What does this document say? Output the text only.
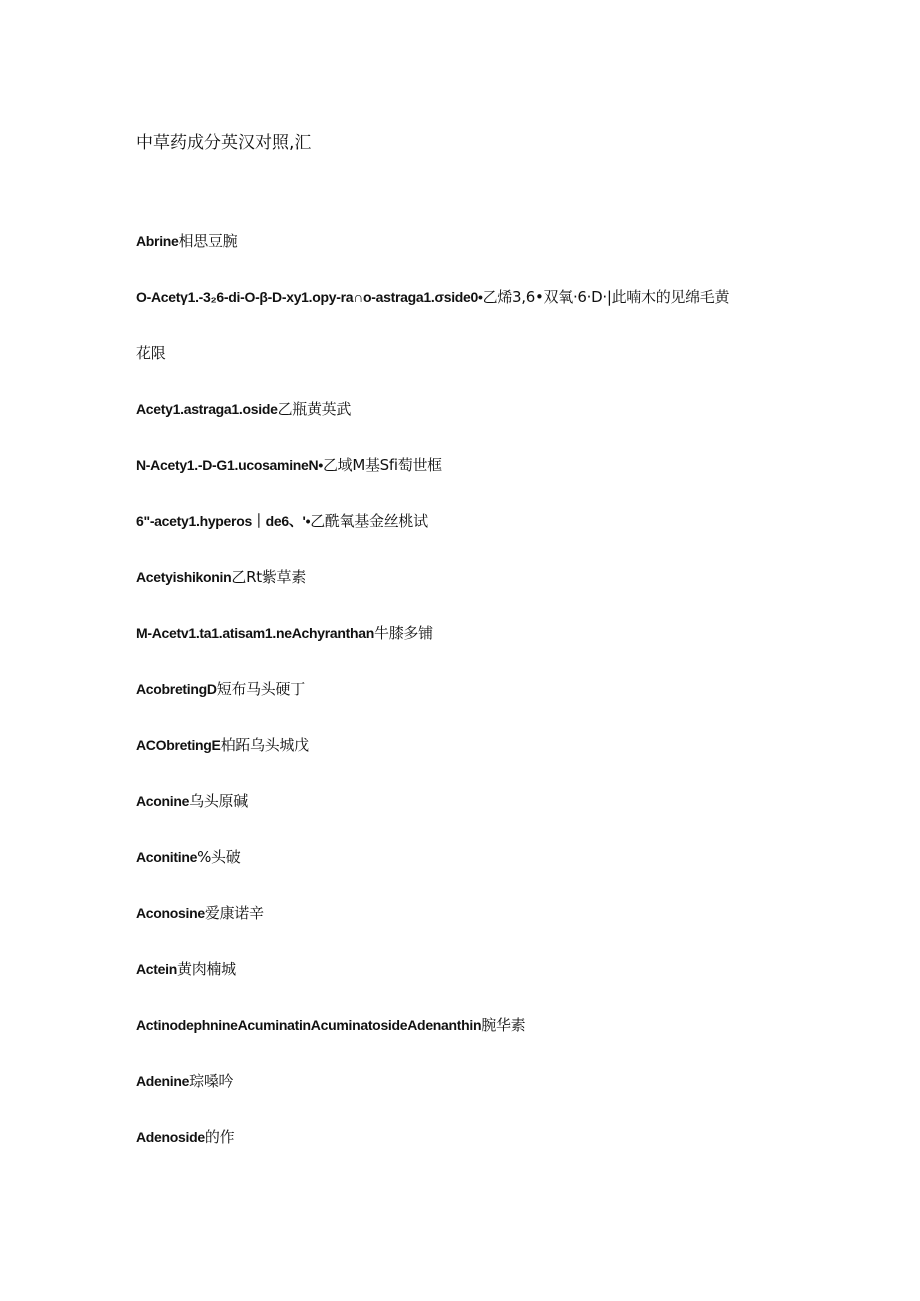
中草药成分英汉对照,汇
Abrine相思豆腕
O-Acetγ1.-3₂6-di-O-β-D-xy1.opy-ra∩o-astraga1.σside0•乙烯3,6•双氧·6·D·|此喃木的见绵毛黄
花限
Acety1.astraga1.oside乙瓶黄英武
N-Acety1.-D-G1.ucosamineN•乙域M基Sfi萄世框
6"-acety1.hyperos｜de6、'•乙酰氧基金丝桃试
Acetyishikonin乙Rt紫草素
M-Acetv1.ta1.atisam1.neAchyranthan牛膝多铺
AcobretingD短布马头硬丁
ACObretingE柏跖乌头城戊
Aconine乌头原碱
Aconitine%头破
Aconosine爱康诺辛
Actein黄肉楠城
ActinodephnineAcuminatinAcuminatosideAdenanthin腕华素
Adenine琮嗓吟
Adenoside的作
